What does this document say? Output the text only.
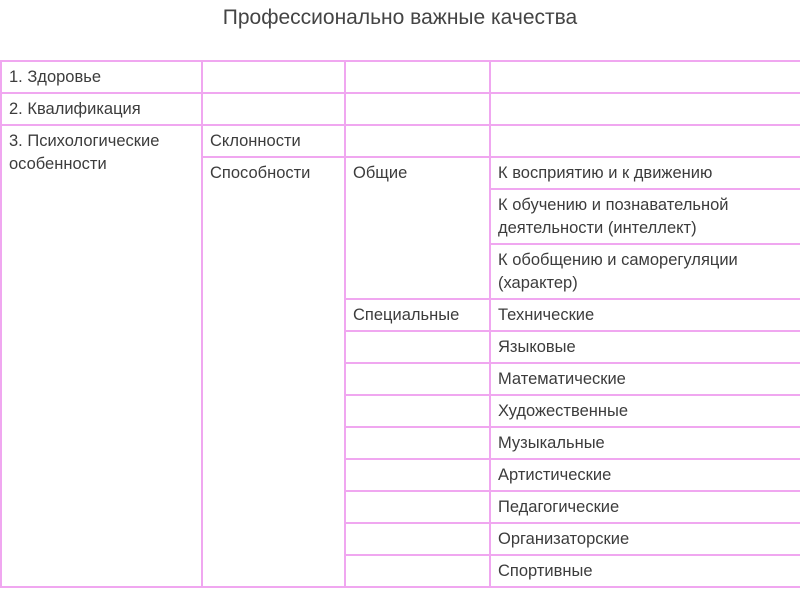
Профессионально важные качества
1. Здоровье			
2. Квалификация			
3. Психологические особенности	Склонности		
	Способности	Общие	К восприятию и к движению
			К обучению и познавательной деятельности (интеллект)
			К обобщению и саморегуляции (характер)
		Специальные	Технические
			Языковые
			Математические
			Художественные
			Музыкальные
			Артистические
			Педагогические
			Организаторские
			Спортивные
